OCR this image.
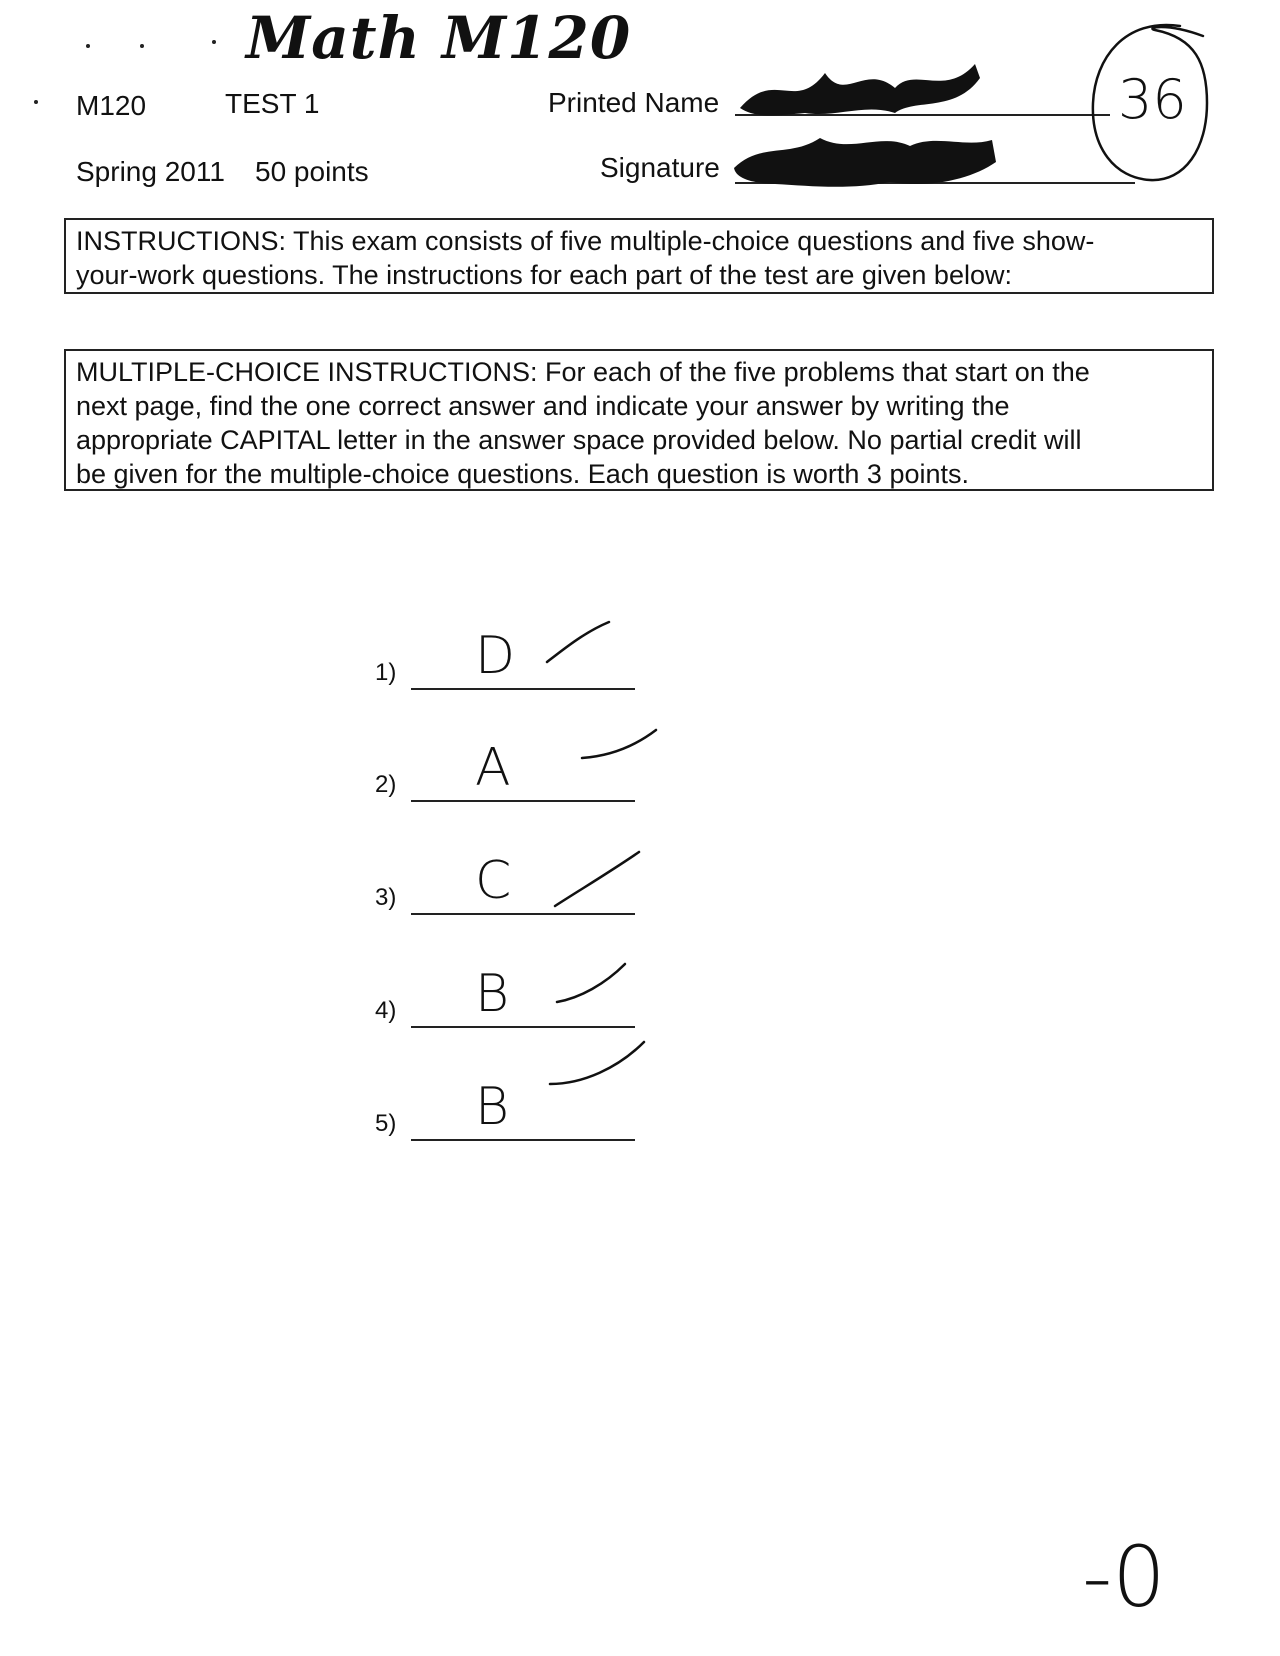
Math M120
M120	TEST 1	Printed Name
Spring 2011 50 points	Signature
36
INSTRUCTIONS: This exam consists of five multiple-choice questions and five show-
your-work questions. The instructions for each part of the test are given below:
MULTIPLE-CHOICE INSTRUCTIONS: For each of the five problems that start on the
next page, find the one correct answer and indicate your answer by writing the
appropriate CAPITAL letter in the answer space provided below. No partial credit will
be given for the multiple-choice questions. Each question is worth 3 points.
1) D
2) A
3) C
4) B
5) B
-0
